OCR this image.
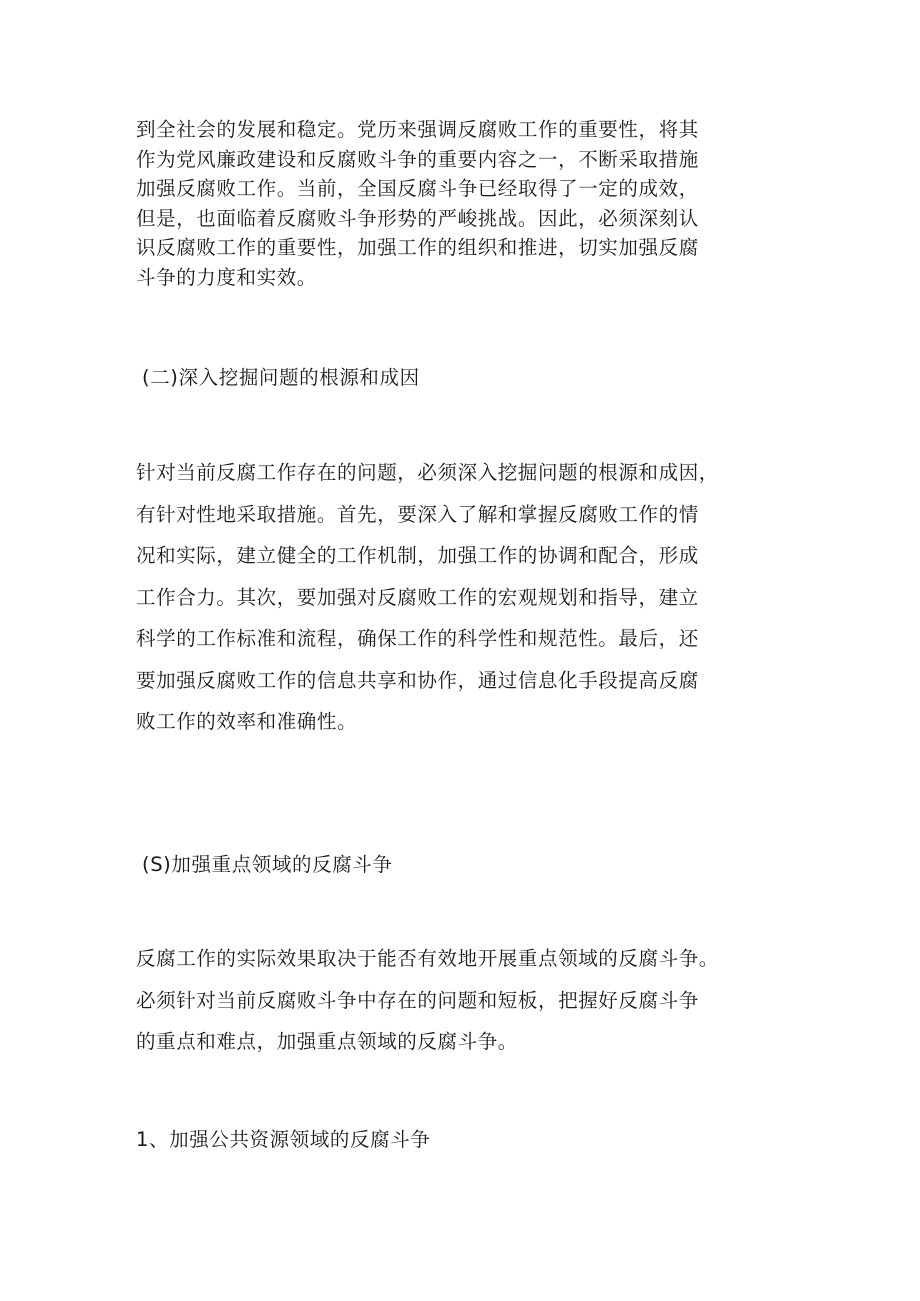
到全社会的发展和稳定。党历来强调反腐败工作的重要性，将其
作为党风廉政建设和反腐败斗争的重要内容之一，不断采取措施
加强反腐败工作。当前，全国反腐斗争已经取得了一定的成效，
但是，也面临着反腐败斗争形势的严峻挑战。因此，必须深刻认
识反腐败工作的重要性，加强工作的组织和推进，切实加强反腐
斗争的力度和实效。
(二)深入挖掘问题的根源和成因
针对当前反腐工作存在的问题，必须深入挖掘问题的根源和成因，
有针对性地采取措施。首先，要深入了解和掌握反腐败工作的情
况和实际，建立健全的工作机制，加强工作的协调和配合，形成
工作合力。其次，要加强对反腐败工作的宏观规划和指导，建立
科学的工作标准和流程，确保工作的科学性和规范性。最后，还
要加强反腐败工作的信息共享和协作，通过信息化手段提高反腐
败工作的效率和准确性。
(S)加强重点领域的反腐斗争
反腐工作的实际效果取决于能否有效地开展重点领域的反腐斗争。
必须针对当前反腐败斗争中存在的问题和短板，把握好反腐斗争
的重点和难点，加强重点领域的反腐斗争。
1、加强公共资源领域的反腐斗争
